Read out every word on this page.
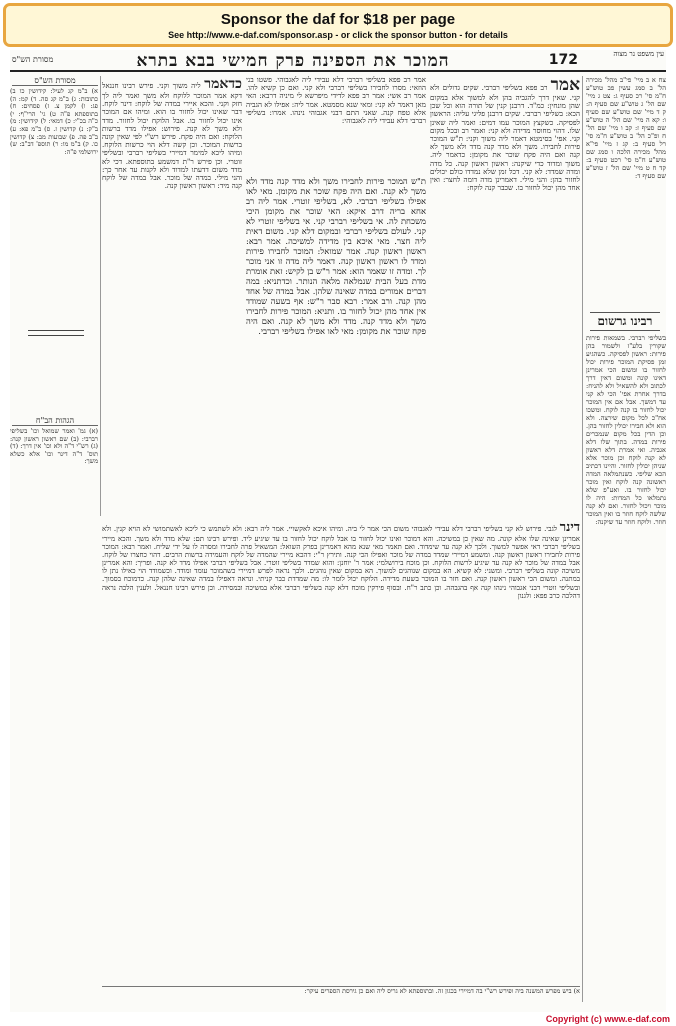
Sponsor the daf for $18 per page
See http://www.e-daf.com/sponsor.asp - or click the sponsor button - for details
עין משפט נר מצוה
172
המוכר את הספינה פרק חמישי בבא בתרא
מסורת הש"ס
צח א ב מיי' פי"ב מהל' מכירה הל' ב סמג עשין פב טוש"ע ח"מ סי' רכ סעיף ג: צט ג מיי' שם הל' ג טוש"ע שם סעיף ה: ק ד מיי' שם טוש"ע שם סעיף ו: קא ה מיי' שם הל' ה טוש"ע שם סעיף ז: קב ו מיי' שם הל' ח ופ"כ הל' ב טוש"ע ח"מ סי' רל סעיף ב: קג ז מיי' פי"א מהל' מכירה הלכה ו סמג שם טוש"ע ח"מ סי' רכט סעיף ב: קד ח ט מיי' שם הל' ז טוש"ע שם סעיף ד:
רבינו גרשום
בשליפי רברבי. בשמאות פירות שקורין בלע"ז ולשמור בהן פירות: ראשון לפסיקה. כשהגיע זמן פסיקת המוכר פירות יכול לחזור בו ומשום הכי אמרינן דאינו קונה ומשום דאין דרך לכתוב ולא להשאיל ולא להניח: בדרך אחרת אפי' הכי לא קני עד דמשך. אבל אם אין המוכר יכול לחזור בו קנה לוקח. ומשכו אח"כ לכל מקום שירצה. ולא הוא ולא חבירו יכולין לחזור בהן. וכן הדין בכל מקום שנמכרים פירות במדה. בתוך שלו דלא אגביה. ואי אמרת דלא ראשון לא קנה לוקח וכן מוכר אלא שניהן יכולין לחזור. והיינו דכתיב הכא שליפי. כשנתמלאה המדה ראשונה קנה לוקח ואין מוכר יכול לחזור בו. ואע"פ שלא נתמלאו כל המדות: היה לו מוכר ויכול לחזור. ואם לא קנה שלשה לוקח חוזר בו ואין המוכר חוזר. ולוקח חוזר עד שיקנה:
אמר רב פפא בשליפי רברבי. שקים גדולים ולא קני. שאין דרך להגביה בהן ולא למשוך אלא במקום שהן מונחין: כמ"ד. דרבנן קנין של תורה הוא וכל שכן הכא: בשליפי רברבי. שקים דרבנן פליגי עליה: הראשון לפסיקה. כשקצץ המוכר עמו דמים: ואמר ליה שאינן שלו. דהוי מחוסר מדידה ולא קני: ואמר רב ובכל מקום קני. אפי' בסימטא דאמר ליה משוך וקני: ת"ש המוכר פירות לחבירו. משך ולא מדד קנה מדד ולא משך לא קנה ואם היה פקח שוכר את מקומן: כדאמר ליה. משוך ומדוד כדי שיקנה: ראשון ראשון קנה. כל מדה ומדה שמדד: לא קני. דכל זמן שלא נמדדו כולם יכולים לחזור בהן: והני מילי. דאמרינן מדה דומה לחצר: ואין אחד מהן יכול לחזור בו. שכבר קנה לוקח:
אמר רב פפא בשליפי רברבי דלא עבידי ליה לאגבוהי. פשטו בני הוזאי: מסרו לחבירו בשליפי רברבי ולא קני. ואם כן קשיא להו. אמר רב אשי: אמר רב פפא לדידי מיפרשא לי מיניה דרבא: האי מאן דאמר לא קני: ומאי שנא מסמטא. אמר ליה: אפילו לא הגביה אלא טפח קנה. שאני התם דבני אגבוהי נינהו. אמרו: בשליפי רברבי דלא עבידי ליה לאגבוהי:
ת"ש המוכר פירות לחבירו משך ולא מדד קנה מדד ולא משך לא קנה. ואם היה פקח שוכר את מקומן. מאי לאו אפילו בשליפי רברבי. לא, בשליפי זוטרי. אמר ליה רב אחא בריה דרב איקא: האי שוכר את מקומן היכי משכחת לה. אי בשליפי רברבי קני. אי בשליפי זוטרי לא קני. לעולם בשליפי רברבי ובמקום דלא קני. משום דאית ליה חצר. מאי איכא בין מדידה למשיכה. אמר רבא: ראשון ראשון קנה. אמר שמואל: המוכר לחבירו פירות ומדד לו ראשון ראשון קנה. דאמר ליה מדה זו אני מוכר לך. ומדה זו שאמר הוא: אמר ר"ש בן לקיש: זאת אומרת מדת בעל הבית שנמלאה מלאה הנותר. וכדתניא: במה דברים אמורים במדה שאינה שלהן. אבל במדה של אחד מהן קנה. ורב אמר: רבא סבר ר"ש: אף בשעה שמודד אין אחד מהן יכול לחזור בו. ותניא: המוכר פירות לחבירו משך ולא מדד קנה. מדד ולא משך לא קנה. ואם היה פקח שוכר את מקומן: מאי לאו אפילו בשליפי רברבי.
כדאמר ליה משוך וקני. פירש רבינו חננאל דקא אמר המוכר ללוקח ולא משך ואמר ליה לך חזק וקני. והכא איירי במדה של לוקח: דינר לוקח. דבר שאינו יכול לחזור בו הוא. ומיהו אם המוכר אינו יכול לחזור בו. אבל הלוקח יכול לחזור. מדד ולא משך לא קנה. פירוש: אפילו מדד ברשות הלוקח: ואם היה פקח. פירש רש"י לפי שאין קונה ברשות המוכר. וכן קשה דלא הוי כרשות הלוקח. ומיהו ליכא למימר דמיירי בשליפי רברבי ובשליפי זוטרי. וכן פירש ר"ת דמשמע בתוספתא. דכי לא מדד משום דדעתו למדוד ולא לקנות עד אחר כך: והני מילי. במדה של מוכר. אבל במדה של לוקח קנה מיד: ראשון ראשון קנה.
מסורת הש"ס
א) ב"מ קג לעיל: קידושין כו ב) כתובות: ג) ב"מ קג סה. ד) קמ: ה) פג: ו) לקמן צ. ז) פסחים: ח) בתוספתא פ"ה ט) גי' הרי"ף: י) כ"ה בכ"י: כ) דמאי: ל) קידושין: מ) ב"ק: נ) קדושין ז. ס) ב"מ פא: ע) ב"ב פה. פ) שבועות מב: צ) קדושין כו. ק) ב"מ מו: ר) תוספ' דב"ב: ש) ירושלמי פ"ה:
הגהות הב"ח
(א) גמ' ואמר שמואל וכו' בשליפי רברבי: (ב) שם ראשון ראשון קנה: (ג) רש"י ד"ה ולא וכו' אין דרך: (ד) תוס' ד"ה דינר וכו' אלא כשלא משך:
דינר לגבי. פירוש לא קני בשליפי רברבי דלא עבידי לאגבוהי משום הכי אמר לי ביה. ומיהו איכא לאקשויי. אמר ליה רבא: ולא לשתמש כי ליכא לאשתמושי לא הויא קנין. ולא אמרינן שאינה שלו אלא קונה. מה שאין כן במשיכה. והא דמוכר ואינו יכול לחזור בו אבל לוקח יכול לחזור בו עד שיגיע ליד. ופירש רבינו תם: שלא מדד ולא משך. והכא מיירי בשליפי רברבי דאי אפשר למשוך. ולכך לא קנה עד שימדוד. ואם תאמר מאי שנא מהא דאמרינן בפרק השואל: המשאיל פרה לחבירו ומסרה לו על ידי שליח. ואמר רבא: המוכר פירות לחבירו ראשון ראשון קנה. ומשמע דמיירי שמדד במדה של מוכר ואפילו הכי קנה. ותירץ ר"י: דהכא מיירי שהמדה של לוקח והעמידה ברשות הרבים. דהוי כחצרו של לוקח. אבל במדה של מוכר לא קנה עד שיגיע לרשות הלוקח. וכן מוכח בירושלמי: אמר ר' יוחנן: והוא שמדד בשליפי זוטרי. אבל בשליפי רברבי אפילו מדד לא קנה. ופריך: והא אמרינן משיכה קונה בשליפי רברבי. ומשני: לא קשיא. הא במקום שנוהגים למשוך. הא במקום שאין נוהגים. ולכך נראה לפרש דמיירי כשהמוכר עומד ומודד. וכשמודד הוי כאילו נתן לו במתנה. ומשום הכי ראשון ראשון קנה. ואם חזר בו המוכר בשעת מדידה. הלוקח יכול לומר לו: מה שמדדת כבר קניתי. ונראה דאפילו במדה שאינה שלהן קנה. כדמוכח בסמוך. ובשליפי זוטרי דבני אגבוהי נינהו קנה אף בהגבהה. וכן כתב ר"ח. ובסוף פירקין מוכח דלא קנה בשליפי רברבי אלא במשיכה ובמסירה. וכן פירש רבינו חננאל. ולענין הלכה נראה דהלכה כרב פפא: ולגנון
א) ביש מפרש המשנה ביה ופירש רש"י בה דמיירי בכגון זה. ובתוספתא לא גריס ליה ואם כן גירסת הספרים עיקר:
Copyright (c) www.e-daf.com
